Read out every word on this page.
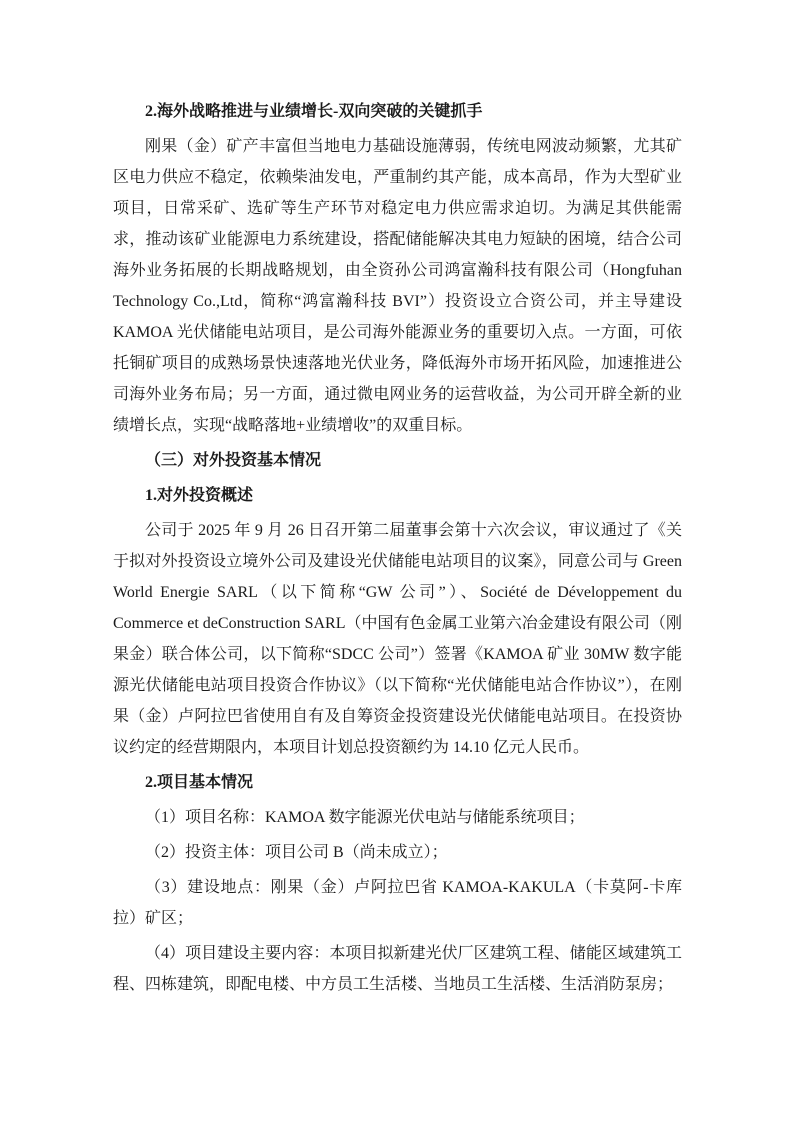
2.海外战略推进与业绩增长-双向突破的关键抓手

刚果（金）矿产丰富但当地电力基础设施薄弱，传统电网波动频繁，尤其矿区电力供应不稳定，依赖柴油发电，严重制约其产能，成本高昂，作为大型矿业项目，日常采矿、选矿等生产环节对稳定电力供应需求迫切。为满足其供能需求，推动该矿业能源电力系统建设，搭配储能解决其电力短缺的困境，结合公司海外业务拓展的长期战略规划，由全资孙公司鸿富瀚科技有限公司（Hongfuhan Technology Co.,Ltd，简称“鸿富瀚科技 BVI”）投资设立合资公司，并主导建设 KAMOA 光伏储能电站项目，是公司海外能源业务的重要切入点。一方面，可依托铜矿项目的成熟场景快速落地光伏业务，降低海外市场开拓风险，加速推进公司海外业务布局；另一方面，通过微电网业务的运营收益，为公司开辟全新的业绩增长点，实现“战略落地+业绩增收”的双重目标。

（三）对外投资基本情况
1.对外投资概述

公司于 2025 年 9 月 26 日召开第二届董事会第十六次会议，审议通过了《关于拟对外投资设立境外公司及建设光伏储能电站项目的议案》，同意公司与 Green World Energie SARL（以下简称“GW 公司”）、Société de Développement du Commerce et deConstruction SARL（中国有色金属工业第六冶金建设有限公司（刚果金）联合体公司，以下简称“SDCC 公司”）签署《KAMOA 矿业 30MW 数字能源光伏储能电站项目投资合作协议》（以下简称“光伏储能电站合作协议”），在刚果（金）卢阿拉巴省使用自有及自筹资金投资建设光伏储能电站项目。在投资协议约定的经营期限内，本项目计划总投资额约为 14.10 亿元人民币。

2.项目基本情况

（1）项目名称：KAMOA 数字能源光伏电站与储能系统项目；

（2）投资主体：项目公司 B（尚未成立）；

（3）建设地点：刚果（金）卢阿拉巴省 KAMOA-KAKULA（卡莫阿-卡库拉）矿区；

（4）项目建设主要内容：本项目拟新建光伏厂区建筑工程、储能区域建筑工程、四栋建筑，即配电楼、中方员工生活楼、当地员工生活楼、生活消防泵房；
